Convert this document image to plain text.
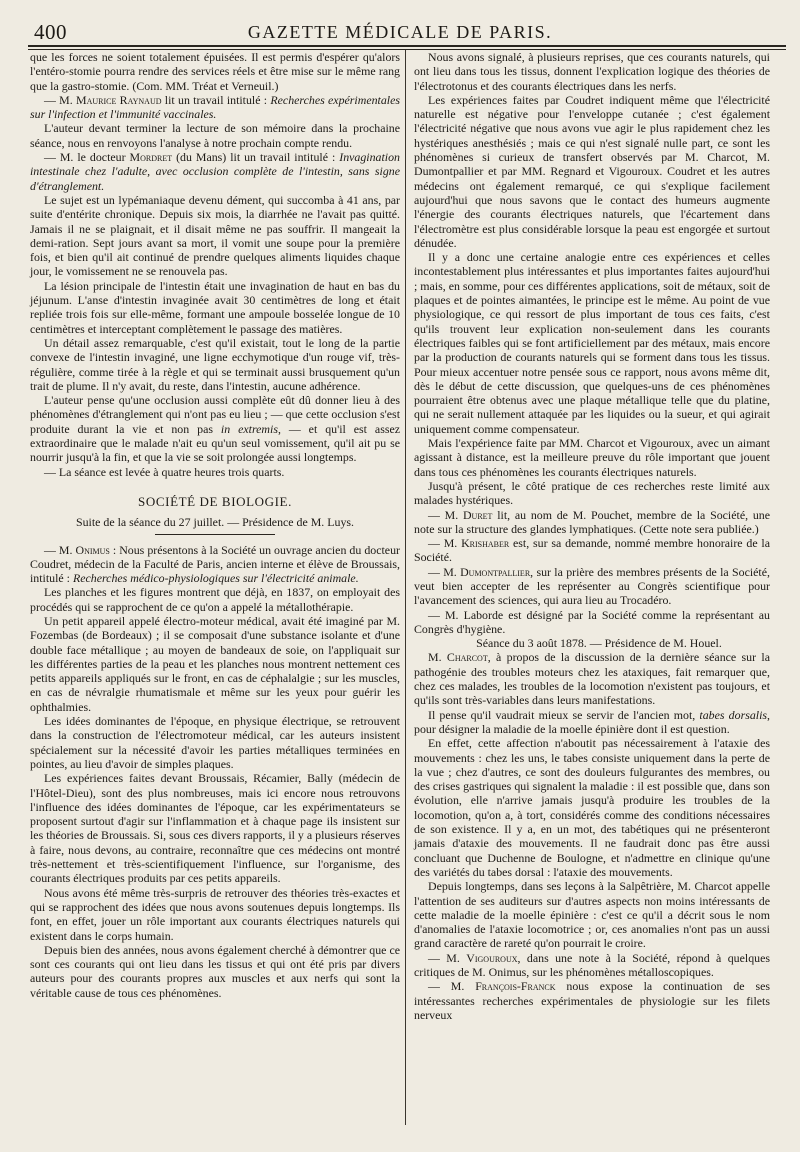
400	GAZETTE MÉDICALE DE PARIS.

que les forces ne soient totalement épuisées. Il est permis d'espérer qu'alors l'entéro-stomie pourra rendre des services réels et être mise sur le même rang que la gastro-stomie. (Com. MM. Tréat et Verneuil.)

— M. Maurice Raynaud lit un travail intitulé : Recherches expérimentales sur l'infection et l'immunité vaccinales.

L'auteur devant terminer la lecture de son mémoire dans la prochaine séance, nous en renvoyons l'analyse à notre prochain compte rendu.

— M. le docteur Mordret (du Mans) lit un travail intitulé : Invagination intestinale chez l'adulte, avec occlusion complète de l'intestin, sans signe d'étranglement.

Le sujet est un lypémaniaque devenu dément, qui succomba à 41 ans, par suite d'entérite chronique. Depuis six mois, la diarrhée ne l'avait pas quitté. Jamais il ne se plaignait, et il disait même ne pas souffrir. Il mangeait la demi-ration. Sept jours avant sa mort, il vomit une soupe pour la première fois, et bien qu'il ait continué de prendre quelques aliments liquides chaque jour, le vomissement ne se renouvela pas.

La lésion principale de l'intestin était une invagination de haut en bas du jéjunum. L'anse d'intestin invaginée avait 30 centimètres de long et était repliée trois fois sur elle-même, formant une ampoule bosselée longue de 10 centimètres et interceptant complètement le passage des matières.

Un détail assez remarquable, c'est qu'il existait, tout le long de la partie convexe de l'intestin invaginé, une ligne ecchymotique d'un rouge vif, très-régulière, comme tirée à la règle et qui se terminait aussi brusquement qu'un trait de plume. Il n'y avait, du reste, dans l'intestin, aucune adhérence.

L'auteur pense qu'une occlusion aussi complète eût dû donner lieu à des phénomènes d'étranglement qui n'ont pas eu lieu ; — que cette occlusion s'est produite durant la vie et non pas in extremis, — et qu'il est assez extraordinaire que le malade n'ait eu qu'un seul vomissement, qu'il ait pu se nourrir jusqu'à la fin, et que la vie se soit prolongée aussi longtemps.

— La séance est levée à quatre heures trois quarts.

SOCIÉTÉ DE BIOLOGIE.

Suite de la séance du 27 juillet. — Présidence de M. Luys.

— M. Onimus : Nous présentons à la Société un ouvrage ancien du docteur Coudret, médecin de la Faculté de Paris, ancien interne et élève de Broussais, intitulé : Recherches médico-physiologiques sur l'électricité animale.

Les planches et les figures montrent que déjà, en 1837, on employait des procédés qui se rapprochent de ce qu'on a appelé la métallothérapie.

Un petit appareil appelé électro-moteur médical, avait été imaginé par M. Fozembas (de Bordeaux) ; il se composait d'une substance isolante et d'une double face métallique ; au moyen de bandeaux de soie, on l'appliquait sur les différentes parties de la peau et les planches nous montrent nettement ces petits appareils appliqués sur le front, en cas de céphalalgie ; sur les muscles, en cas de névralgie rhumatismale et même sur les yeux pour guérir les ophthalmies.

Les idées dominantes de l'époque, en physique électrique, se retrouvent dans la construction de l'électromoteur médical, car les auteurs insistent spécialement sur la nécessité d'avoir les parties métalliques terminées en pointes, au lieu d'avoir de simples plaques.

Les expériences faites devant Broussais, Récamier, Bally (médecin de l'Hôtel-Dieu), sont des plus nombreuses, mais ici encore nous retrouvons l'influence des idées dominantes de l'époque, car les expérimentateurs se proposent surtout d'agir sur l'inflammation et à chaque page ils insistent sur les théories de Broussais. Si, sous ces divers rapports, il y a plusieurs réserves à faire, nous devons, au contraire, reconnaître que ces médecins ont montré très-nettement et très-scientifiquement l'influence, sur l'organisme, des courants électriques produits par ces petits appareils.

Nous avons été même très-surpris de retrouver des théories très-exactes et qui se rapprochent des idées que nous avons soutenues depuis longtemps. Ils font, en effet, jouer un rôle important aux courants électriques naturels qui existent dans le corps humain.

Depuis bien des années, nous avons également cherché à démontrer que ce sont ces courants qui ont lieu dans les tissus et qui ont été pris par divers auteurs pour des courants propres aux muscles et aux nerfs qui sont la véritable cause de tous ces phénomènes.

Nous avons signalé, à plusieurs reprises, que ces courants naturels, qui ont lieu dans tous les tissus, donnent l'explication logique des théories de l'électrotonus et des courants électriques dans les nerfs.

Les expériences faites par Coudret indiquent même que l'électricité naturelle est négative pour l'enveloppe cutanée ; c'est également l'électricité négative que nous avons vue agir le plus rapidement chez les hystériques anesthésiés ; mais ce qui n'est signalé nulle part, ce sont les phénomènes si curieux de transfert observés par M. Charcot, M. Dumontpallier et par MM. Regnard et Vigouroux. Coudret et les autres médecins ont également remarqué, ce qui s'explique facilement aujourd'hui que nous savons que le contact des humeurs augmente l'énergie des courants électriques naturels, que l'écartement dans l'électromètre est plus considérable lorsque la peau est engorgée et surtout dénudée.

Il y a donc une certaine analogie entre ces expériences et celles incontestablement plus intéressantes et plus importantes faites aujourd'hui ; mais, en somme, pour ces différentes applications, soit de métaux, soit de plaques et de pointes aimantées, le principe est le même. Au point de vue physiologique, ce qui ressort de plus important de tous ces faits, c'est qu'ils trouvent leur explication non-seulement dans les courants électriques faibles qui se font artificiellement par des métaux, mais encore par la production de courants naturels qui se forment dans tous les tissus. Pour mieux accentuer notre pensée sous ce rapport, nous avons même dit, dès le début de cette discussion, que quelques-uns de ces phénomènes pourraient être obtenus avec une plaque métallique telle que du platine, qui ne serait nullement attaquée par les liquides ou la sueur, et qui agirait uniquement comme compensateur.

Mais l'expérience faite par MM. Charcot et Vigouroux, avec un aimant agissant à distance, est la meilleure preuve du rôle important que jouent dans tous ces phénomènes les courants électriques naturels.

Jusqu'à présent, le côté pratique de ces recherches reste limité aux malades hystériques.

— M. Duret lit, au nom de M. Pouchet, membre de la Société, une note sur la structure des glandes lymphatiques. (Cette note sera publiée.)

— M. Krishaber est, sur sa demande, nommé membre honoraire de la Société.

— M. Dumontpallier, sur la prière des membres présents de la Société, veut bien accepter de les représenter au Congrès scientifique pour l'avancement des sciences, qui aura lieu au Trocadéro.

— M. Laborde est désigné par la Société comme la représentant au Congrès d'hygiène.

Séance du 3 août 1878. — Présidence de M. Houel.

M. Charcot, à propos de la discussion de la dernière séance sur la pathogénie des troubles moteurs chez les ataxiques, fait remarquer que, chez ces malades, les troubles de la locomotion n'existent pas toujours, et qu'ils sont très-variables dans leurs manifestations.

Il pense qu'il vaudrait mieux se servir de l'ancien mot, tabes dorsalis, pour désigner la maladie de la moelle épinière dont il est question.

En effet, cette affection n'aboutit pas nécessairement à l'ataxie des mouvements : chez les uns, le tabes consiste uniquement dans la perte de la vue ; chez d'autres, ce sont des douleurs fulgurantes des membres, ou des crises gastriques qui signalent la maladie : il est possible que, dans son évolution, elle n'arrive jamais jusqu'à produire les troubles de la locomotion, qu'on a, à tort, considérés comme des conditions nécessaires de son existence. Il y a, en un mot, des tabétiques qui ne présenteront jamais d'ataxie des mouvements. Il ne faudrait donc pas être aussi concluant que Duchenne de Boulogne, et n'admettre en clinique qu'une des variétés du tabes dorsal : l'ataxie des mouvements.

Depuis longtemps, dans ses leçons à la Salpêtrière, M. Charcot appelle l'attention de ses auditeurs sur d'autres aspects non moins intéressants de cette maladie de la moelle épinière : c'est ce qu'il a décrit sous le nom d'anomalies de l'ataxie locomotrice ; or, ces anomalies n'ont pas un aussi grand caractère de rareté qu'on pourrait le croire.

— M. Vigouroux, dans une note à la Société, répond à quelques critiques de M. Onimus, sur les phénomènes métalloscopiques.

— M. François-Franck nous expose la continuation de ses intéressantes recherches expérimentales de physiologie sur les filets nerveux
